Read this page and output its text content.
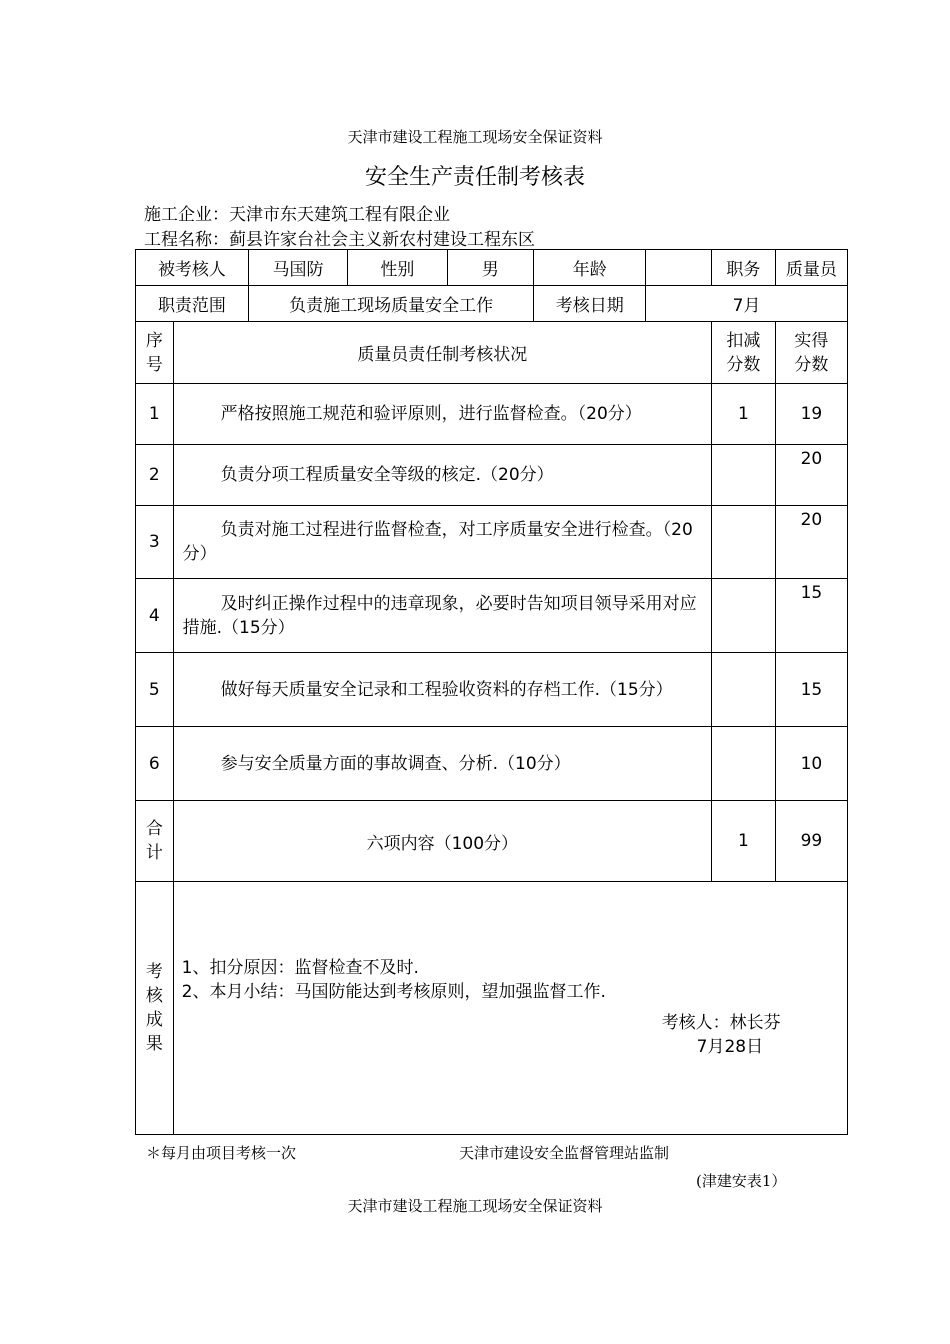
天津市建设工程施工现场安全保证资料
安全生产责任制考核表
施工企业：天津市东天建筑工程有限企业
工程名称：蓟县许家台社会主义新农村建设工程东区
被考核人		马国防	性别	男	年龄		职务	质量员
职责范围		负责施工现场质量安全工作			考核日期	7月		
序号	质量员责任制考核状况						扣减分数	实得分数
1	严格按照施工规范和验评原则，进行监督检查。（20分）						1	19
2	负责分项工程质量安全等级的核定.（20分）							20
3	负责对施工过程进行监督检查，对工序质量安全进行检查。（20分）							20
4	及时纠正操作过程中的违章现象，必要时告知项目领导采用对应措施.（15分）							15
5	做好每天质量安全记录和工程验收资料的存档工作.（15分）							15
6	参与安全质量方面的事故调查、分析.（10分）							10
合计	六项内容（100分）						1	99
考核成果	1、扣分原因：监督检查不及时.
2、本月小结：马国防能达到考核原则，望加强监督工作.
考核人：林长芬
7月28日							
＊每月由项目考核一次	天津市建设安全监督管理站监制
(津建安表1）
天津市建设工程施工现场安全保证资料
